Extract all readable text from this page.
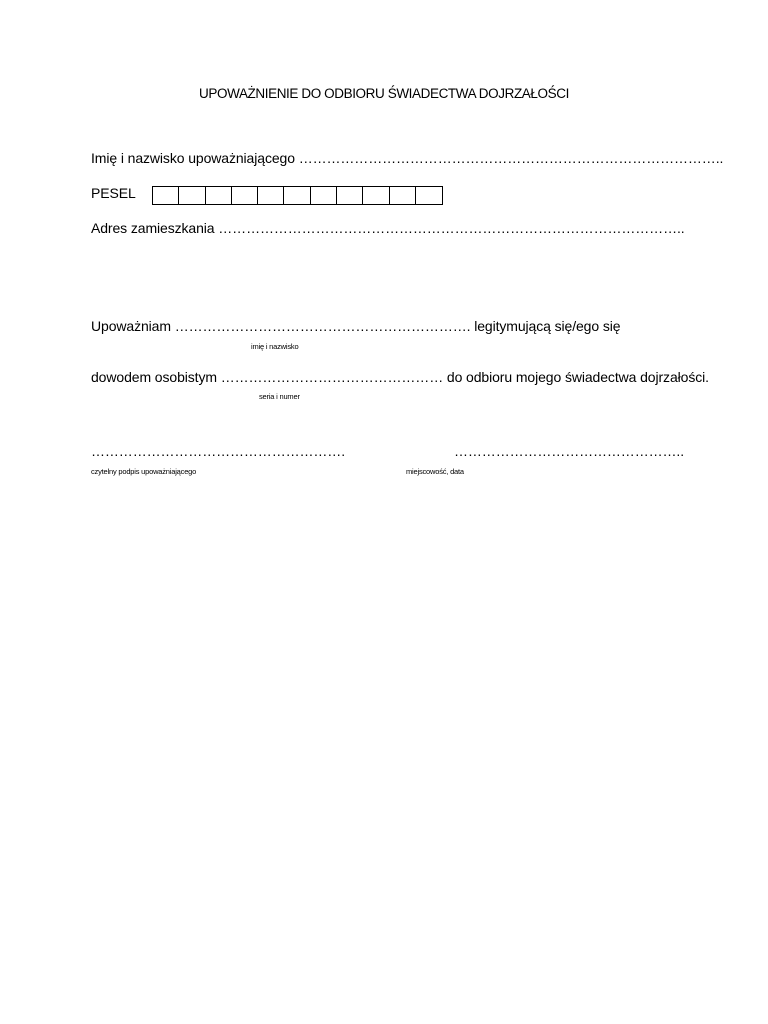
UPOWAŻNIENIE DO ODBIORU ŚWIADECTWA DOJRZAŁOŚCI
Imię i nazwisko upoważniającego ………………………………………………………………………………..
PESEL
Adres zamieszkania ………………………………………………………………………………………..
Upoważniam ………………………………………………………. legitymującą się/ego się
imię i nazwisko
dowodem osobistym ………………………………………… do odbioru mojego świadectwa dojrzałości.
seria i numer
……………………………………………….
czytelny podpis upoważniającego
…………………………………………..
miejscowość, data
